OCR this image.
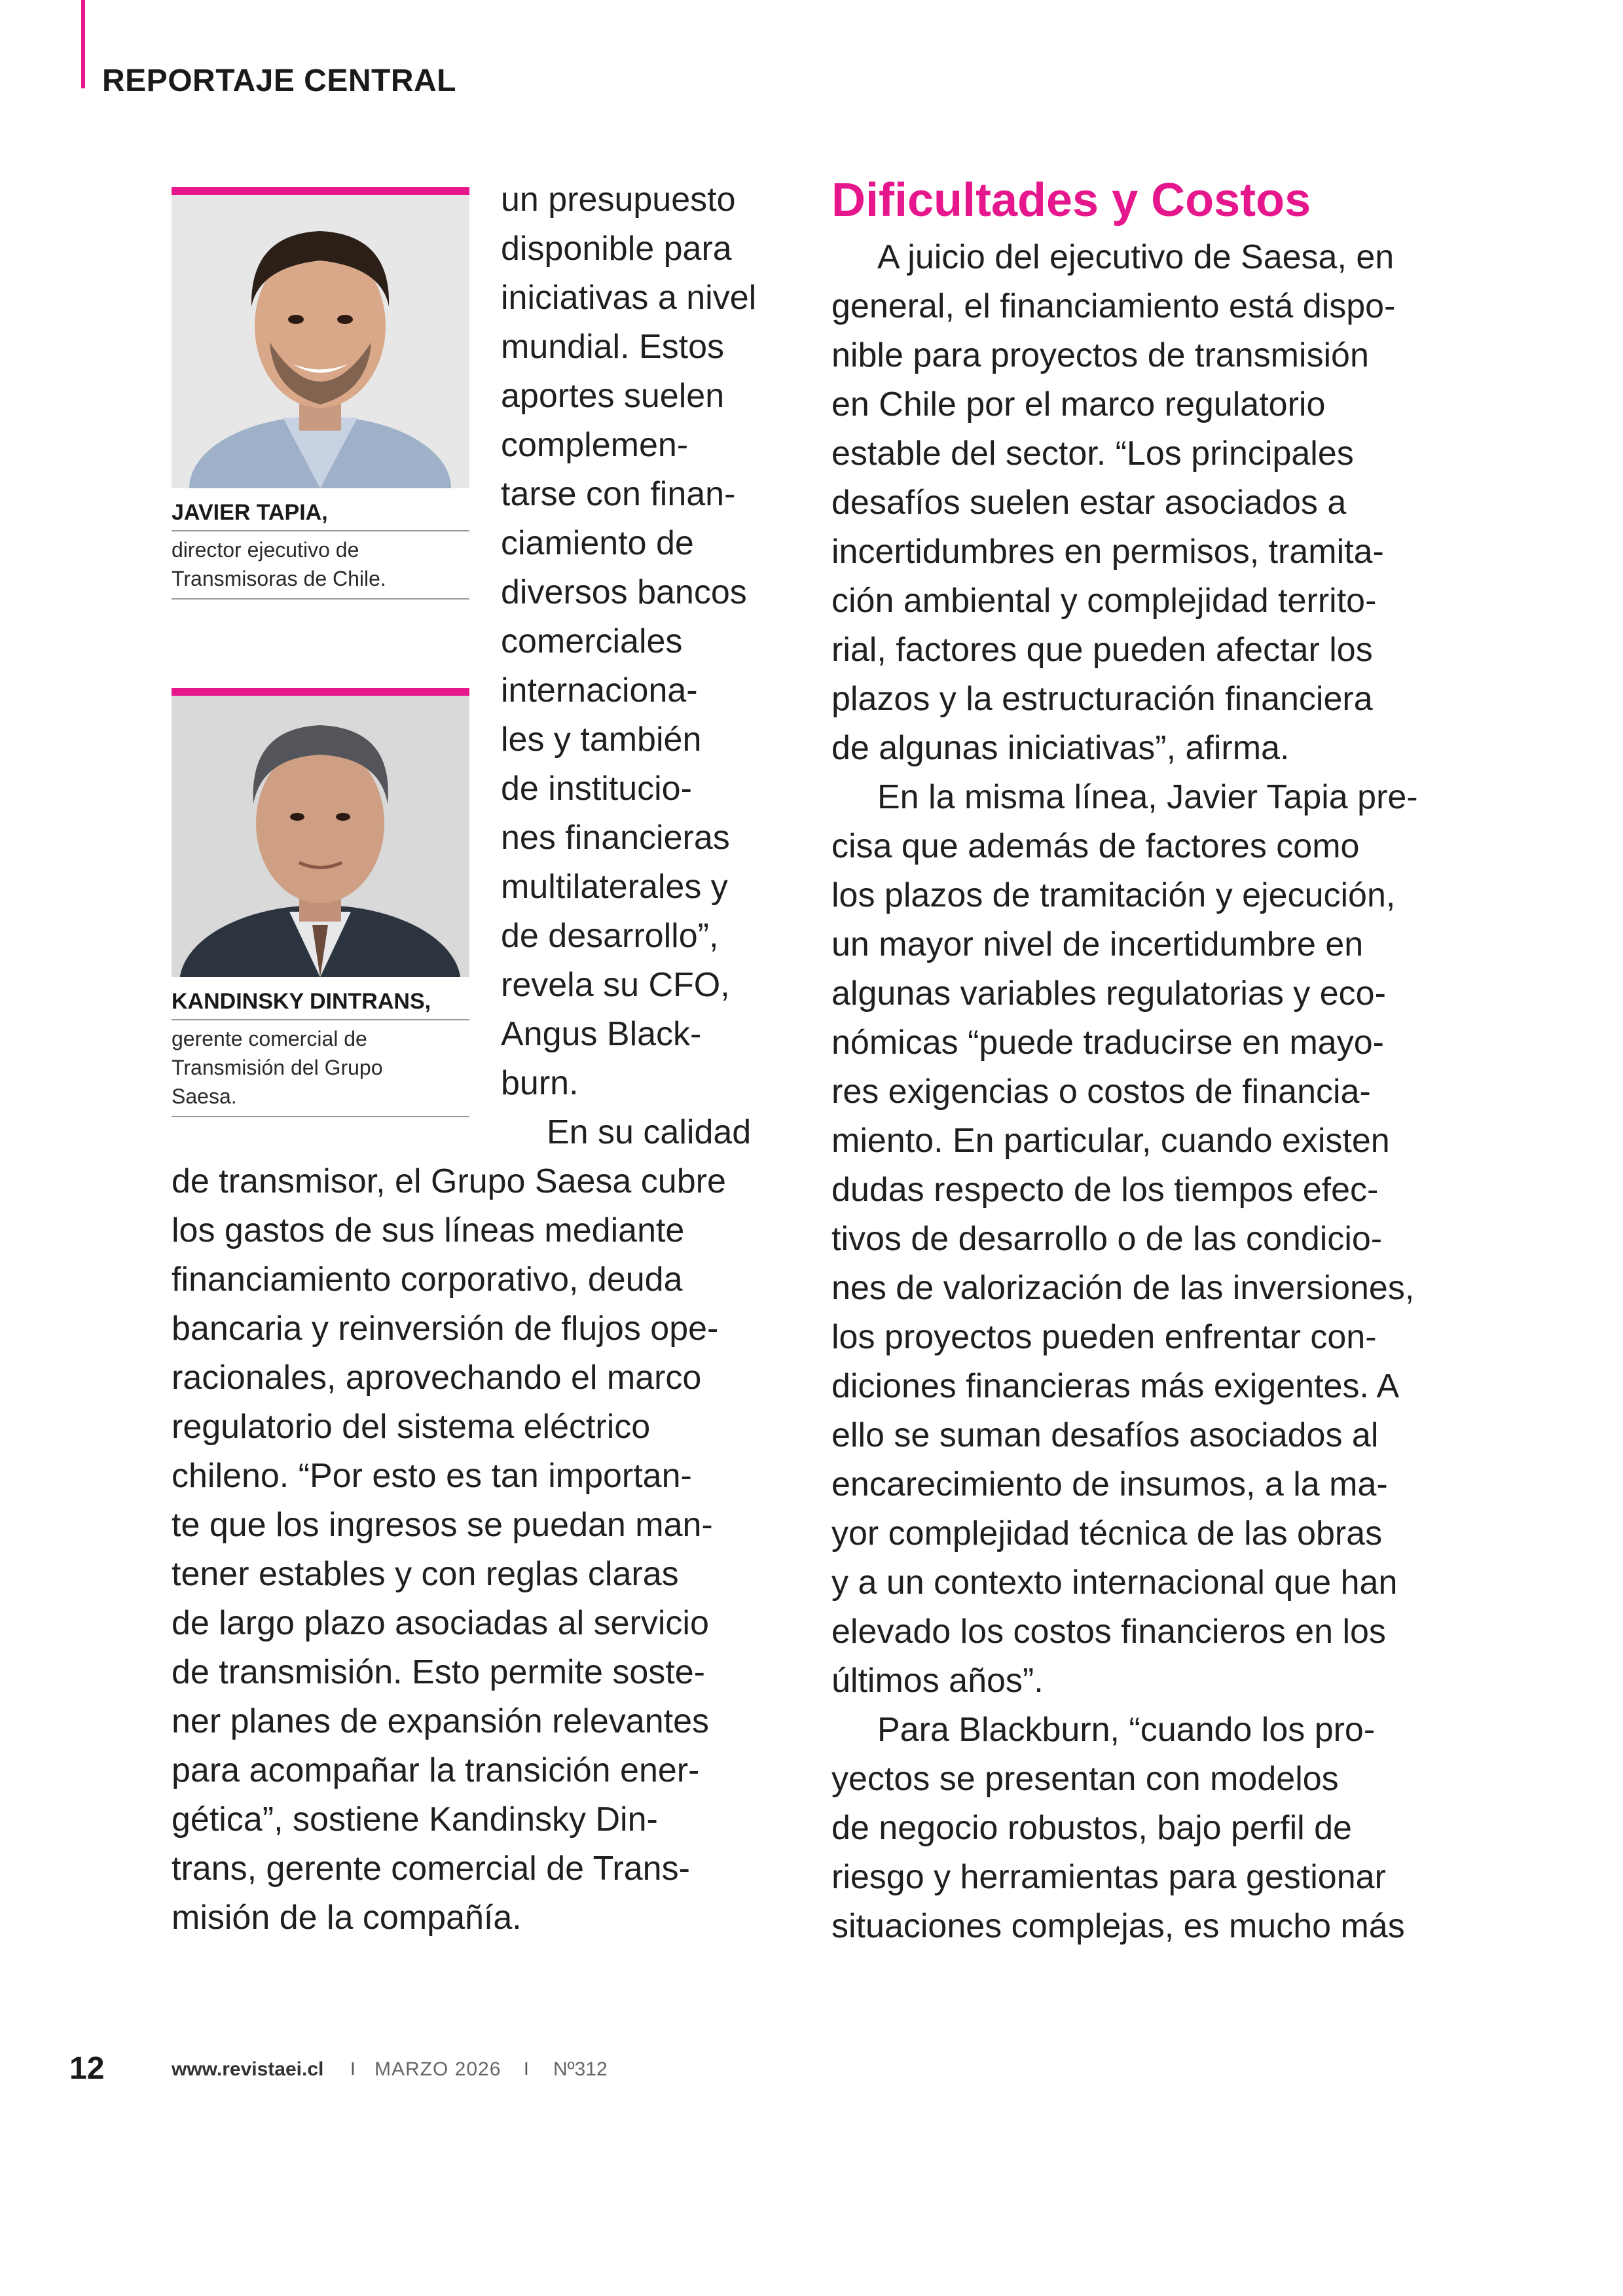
REPORTAJE CENTRAL
JAVIER TAPIA,
director ejecutivo de
Transmisoras de Chile.
KANDINSKY DINTRANS,
gerente comercial de
Transmisión del Grupo
Saesa.
un presupuesto
disponible para
iniciativas a nivel
mundial. Estos
aportes suelen
complemen-
tarse con finan-
ciamiento de
diversos bancos
comerciales
internaciona-
les y también
de institucio-
nes financieras
multilaterales y
de desarrollo”,
revela su CFO,
Angus Black-
burn.
En su calidad
de transmisor, el Grupo Saesa cubre
los gastos de sus líneas mediante
financiamiento corporativo, deuda
bancaria y reinversión de flujos ope-
racionales, aprovechando el marco
regulatorio del sistema eléctrico
chileno. “Por esto es tan importan-
te que los ingresos se puedan man-
tener estables y con reglas claras
de largo plazo asociadas al servicio
de transmisión. Esto permite soste-
ner planes de expansión relevantes
para acompañar la transición ener-
gética”, sostiene Kandinsky Din-
trans, gerente comercial de Trans-
misión de la compañía.
Dificultades y Costos
A juicio del ejecutivo de Saesa, en
general, el financiamiento está dispo-
nible para proyectos de transmisión
en Chile por el marco regulatorio
estable del sector. “Los principales
desafíos suelen estar asociados a
incertidumbres en permisos, tramita-
ción ambiental y complejidad territo-
rial, factores que pueden afectar los
plazos y la estructuración financiera
de algunas iniciativas”, afirma.
En la misma línea, Javier Tapia pre-
cisa que además de factores como
los plazos de tramitación y ejecución,
un mayor nivel de incertidumbre en
algunas variables regulatorias y eco-
nómicas “puede traducirse en mayo-
res exigencias o costos de financia-
miento. En particular, cuando existen
dudas respecto de los tiempos efec-
tivos de desarrollo o de las condicio-
nes de valorización de las inversiones,
los proyectos pueden enfrentar con-
diciones financieras más exigentes. A
ello se suman desafíos asociados al
encarecimiento de insumos, a la ma-
yor complejidad técnica de las obras
y a un contexto internacional que han
elevado los costos financieros en los
últimos años”.
Para Blackburn, “cuando los pro-
yectos se presentan con modelos
de negocio robustos, bajo perfil de
riesgo y herramientas para gestionar
situaciones complejas, es mucho más
12	www.revistaei.cl I MARZO 2026 I Nº312
